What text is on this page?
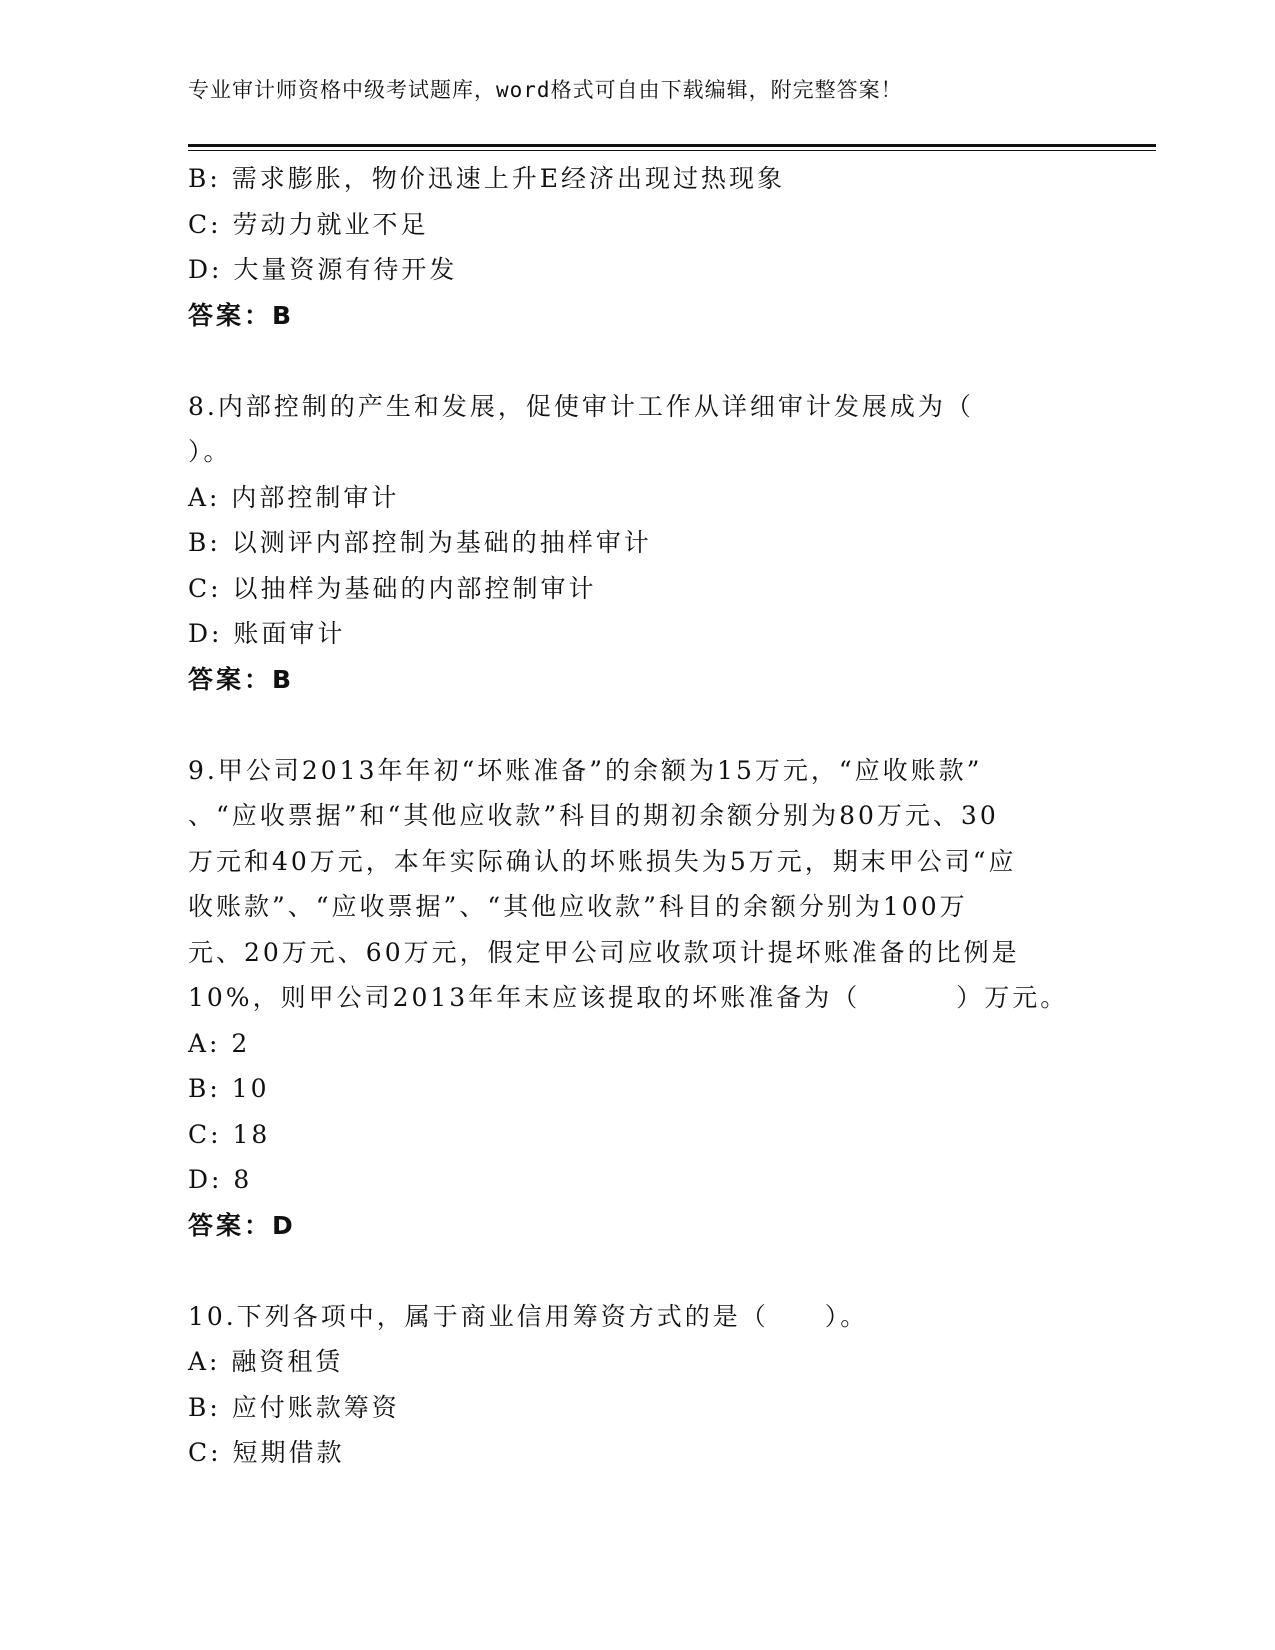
专业审计师资格中级考试题库，word格式可自由下载编辑，附完整答案！
B: 需求膨胀，物价迅速上升E经济出现过热现象
C: 劳动力就业不足
D: 大量资源有待开发
答案：B
8.内部控制的产生和发展，促使审计工作从详细审计发展成为（
）。
A: 内部控制审计
B: 以测评内部控制为基础的抽样审计
C: 以抽样为基础的内部控制审计
D: 账面审计
答案：B
9.甲公司2013年年初“坏账准备”的余额为15万元，“应收账款”
、“应收票据”和“其他应收款”科目的期初余额分别为80万元、30
万元和40万元，本年实际确认的坏账损失为5万元，期末甲公司“应
收账款”、“应收票据”、“其他应收款”科目的余额分别为100万
元、20万元、60万元，假定甲公司应收款项计提坏账准备的比例是
10%，则甲公司2013年年末应该提取的坏账准备为（	）万元。
A: 2
B: 10
C: 18
D: 8
答案：D
10.下列各项中，属于商业信用筹资方式的是（ ）。
A: 融资租赁
B: 应付账款筹资
C: 短期借款
